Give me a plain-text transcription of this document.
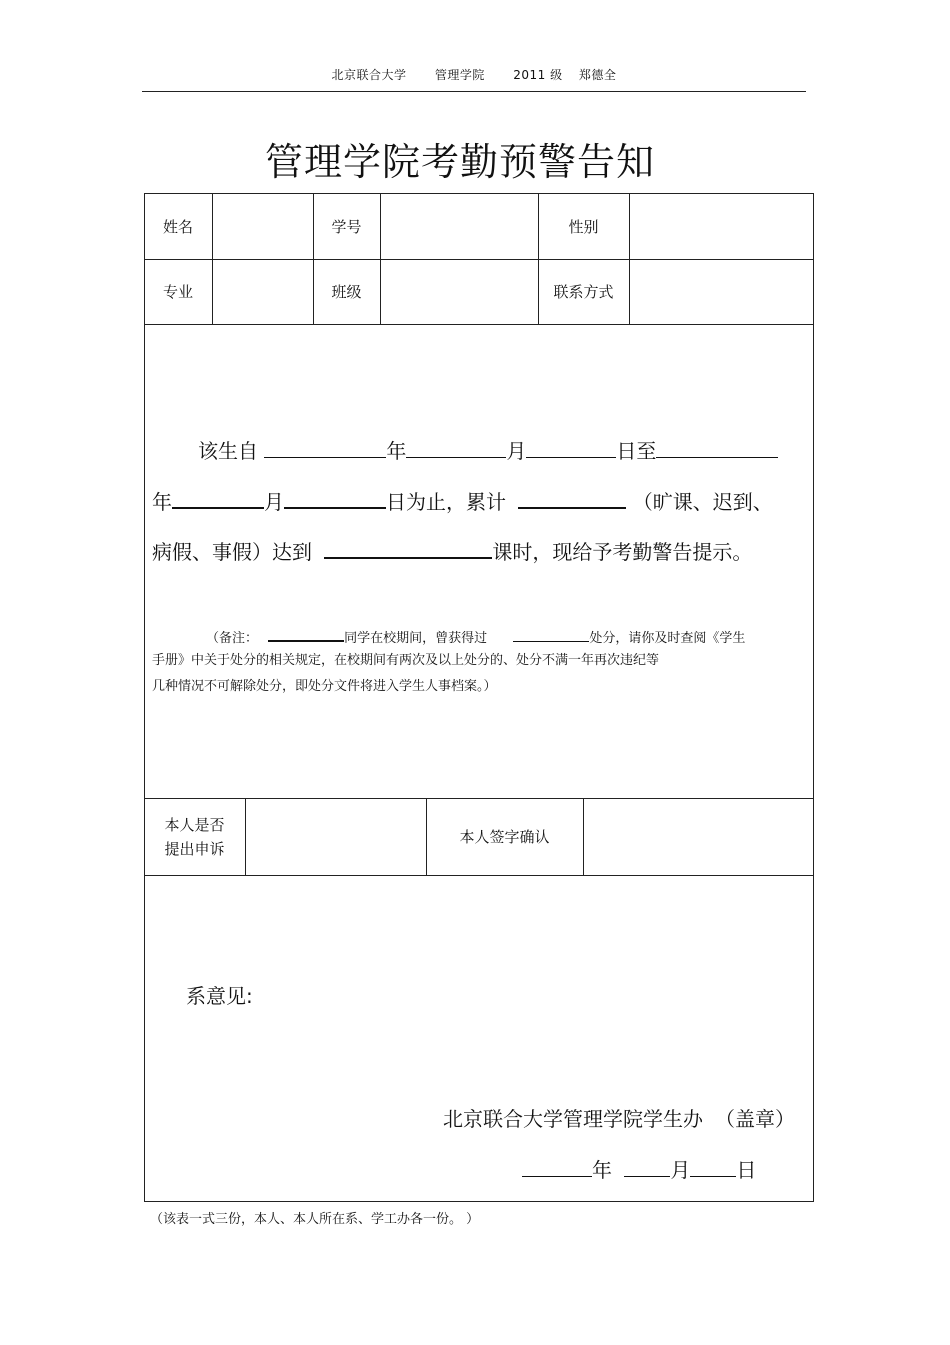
北京联合大学 管理学院 2011 级 郑德全
管理学院考勤预警告知
姓名	学号	性别
专业	班级	联系方式
该生自	年	月	日至
年	月	日为止，累计	（旷课、迟到、
病假、事假）达到	课时，现给予考勤警告提示。
（备注：	同学在校期间，曾获得过	处分，请你及时查阅《学生
手册》中关于处分的相关规定，在校期间有两次及以上处分的、处分不满一年再次违纪等
几种情况不可解除处分，即处分文件将进入学生人事档案。）
本人是否
提出申诉
本人签字确认
系意见:
北京联合大学管理学院学生办 （盖章）
年	月 日
（该表一式三份，本人、本人所在系、学工办各一份。 ）
